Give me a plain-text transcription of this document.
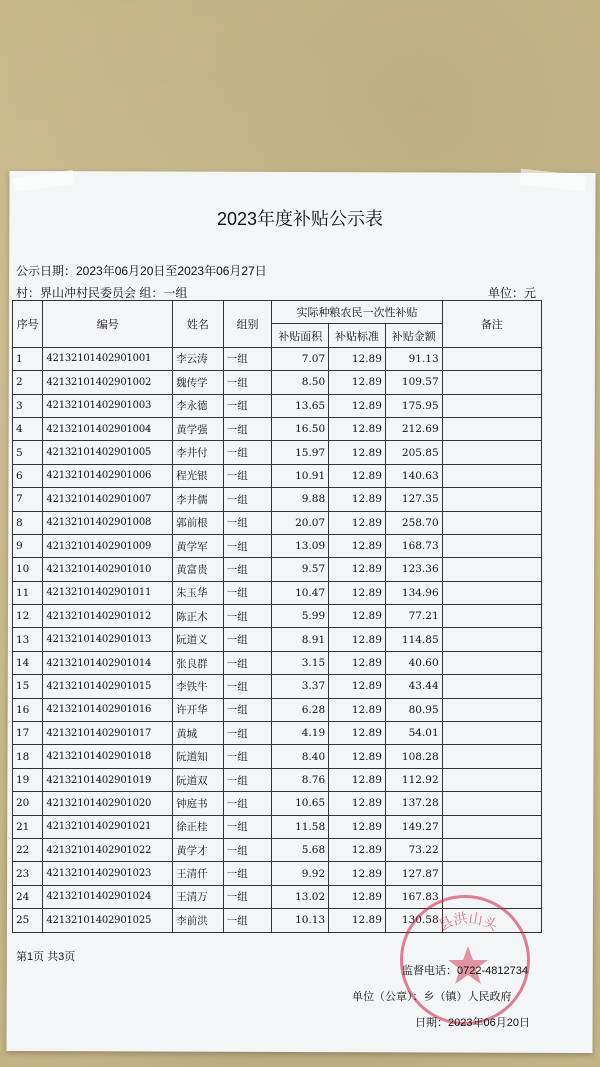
2023年度补贴公示表
公示日期：2023年06月20日至2023年06月27日
村：界山冲村民委员会 组：一组	单位：元
序号	编号	姓名	组别	实际种粮农民一次性补贴			备注
				补贴面积	补贴标准	补贴金额	
1	42132101402901001	李云涛	一组	7.07	12.89	91.13	
2	42132101402901002	魏传学	一组	8.50	12.89	109.57	
3	42132101402901003	李永德	一组	13.65	12.89	175.95	
4	42132101402901004	黄学强	一组	16.50	12.89	212.69	
5	42132101402901005	李井付	一组	15.97	12.89	205.85	
6	42132101402901006	程光银	一组	10.91	12.89	140.63	
7	42132101402901007	李井儒	一组	9.88	12.89	127.35	
8	42132101402901008	郭前根	一组	20.07	12.89	258.70	
9	42132101402901009	黄学军	一组	13.09	12.89	168.73	
10	42132101402901010	黄富贵	一组	9.57	12.89	123.36	
11	42132101402901011	朱玉华	一组	10.47	12.89	134.96	
12	42132101402901012	陈正木	一组	5.99	12.89	77.21	
13	42132101402901013	阮道义	一组	8.91	12.89	114.85	
14	42132101402901014	张良群	一组	3.15	12.89	40.60	
15	42132101402901015	李铁牛	一组	3.37	12.89	43.44	
16	42132101402901016	许开华	一组	6.28	12.89	80.95	
17	42132101402901017	黄城	一组	4.19	12.89	54.01	
18	42132101402901018	阮道知	一组	8.40	12.89	108.28	
19	42132101402901019	阮道双	一组	8.76	12.89	112.92	
20	42132101402901020	钟庭书	一组	10.65	12.89	137.28	
21	42132101402901021	徐正桂	一组	11.58	12.89	149.27	
22	42132101402901022	黄学才	一组	5.68	12.89	73.22	
23	42132101402901023	王清仟	一组	9.92	12.89	127.87	
24	42132101402901024	王清万	一组	13.02	12.89	167.83	
25	42132101402901025	李前洪	一组	10.13	12.89	130.58	
第1页 共3页
县洪山头
监督电话：0722-4812734
单位（公章）：乡（镇）人民政府
日期：2023年06月20日
